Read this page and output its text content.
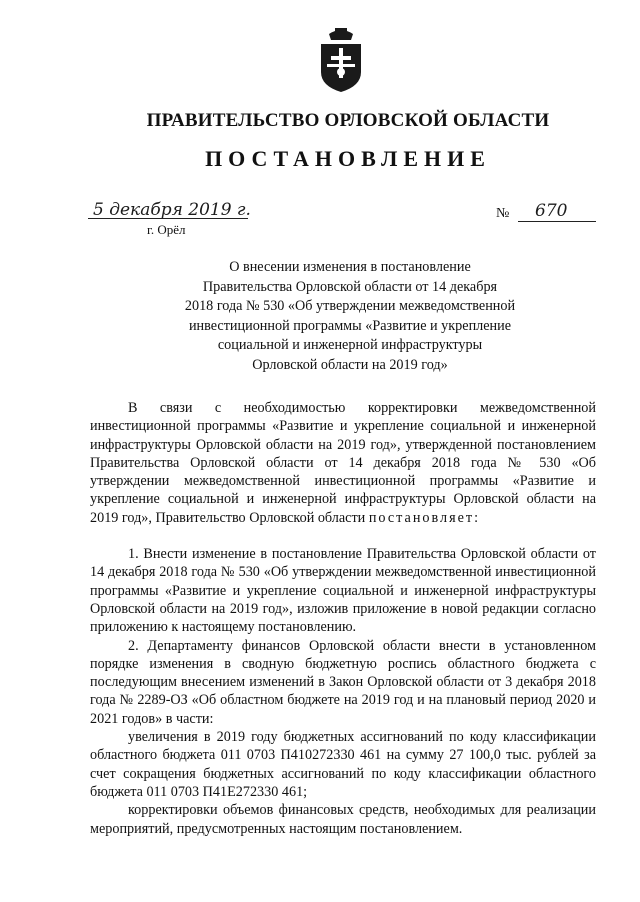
ПРАВИТЕЛЬСТВО ОРЛОВСКОЙ ОБЛАСТИ
ПОСТАНОВЛЕНИЕ
5 декабря 2019 г.
г. Орёл
№ 670
О внесении изменения в постановление
Правительства Орловской области от 14 декабря
2018 года № 530 «Об утверждении межведомственной
инвестиционной программы «Развитие и укрепление
социальной и инженерной инфраструктуры
Орловской области на 2019 год»

В связи с необходимостью корректировки межведомственной инвестиционной программы «Развитие и укрепление социальной и инженерной инфраструктуры Орловской области на 2019 год», утвержденной постановлением Правительства Орловской области от 14 декабря 2018 года № 530 «Об утверждении межведомственной инвестиционной программы «Развитие и укрепление социальной и инженерной инфраструктуры Орловской области на 2019 год», Правительство Орловской области постановляет:

1. Внести изменение в постановление Правительства Орловской области от 14 декабря 2018 года № 530 «Об утверждении межведомственной инвестиционной программы «Развитие и укрепление социальной и инженерной инфраструктуры Орловской области на 2019 год», изложив приложение в новой редакции согласно приложению к настоящему постановлению.

2. Департаменту финансов Орловской области внести в установленном порядке изменения в сводную бюджетную роспись областного бюджета с последующим внесением изменений в Закон Орловской области от 3 декабря 2018 года № 2289-ОЗ «Об областном бюджете на 2019 год и на плановый период 2020 и 2021 годов» в части:

увеличения в 2019 году бюджетных ассигнований по коду классификации областного бюджета 011 0703 П410272330 461 на сумму 27 100,0 тыс. рублей за счет сокращения бюджетных ассигнований по коду классификации областного бюджета 011 0703 П41Е272330 461;

корректировки объемов финансовых средств, необходимых для реализации мероприятий, предусмотренных настоящим постановлением.
